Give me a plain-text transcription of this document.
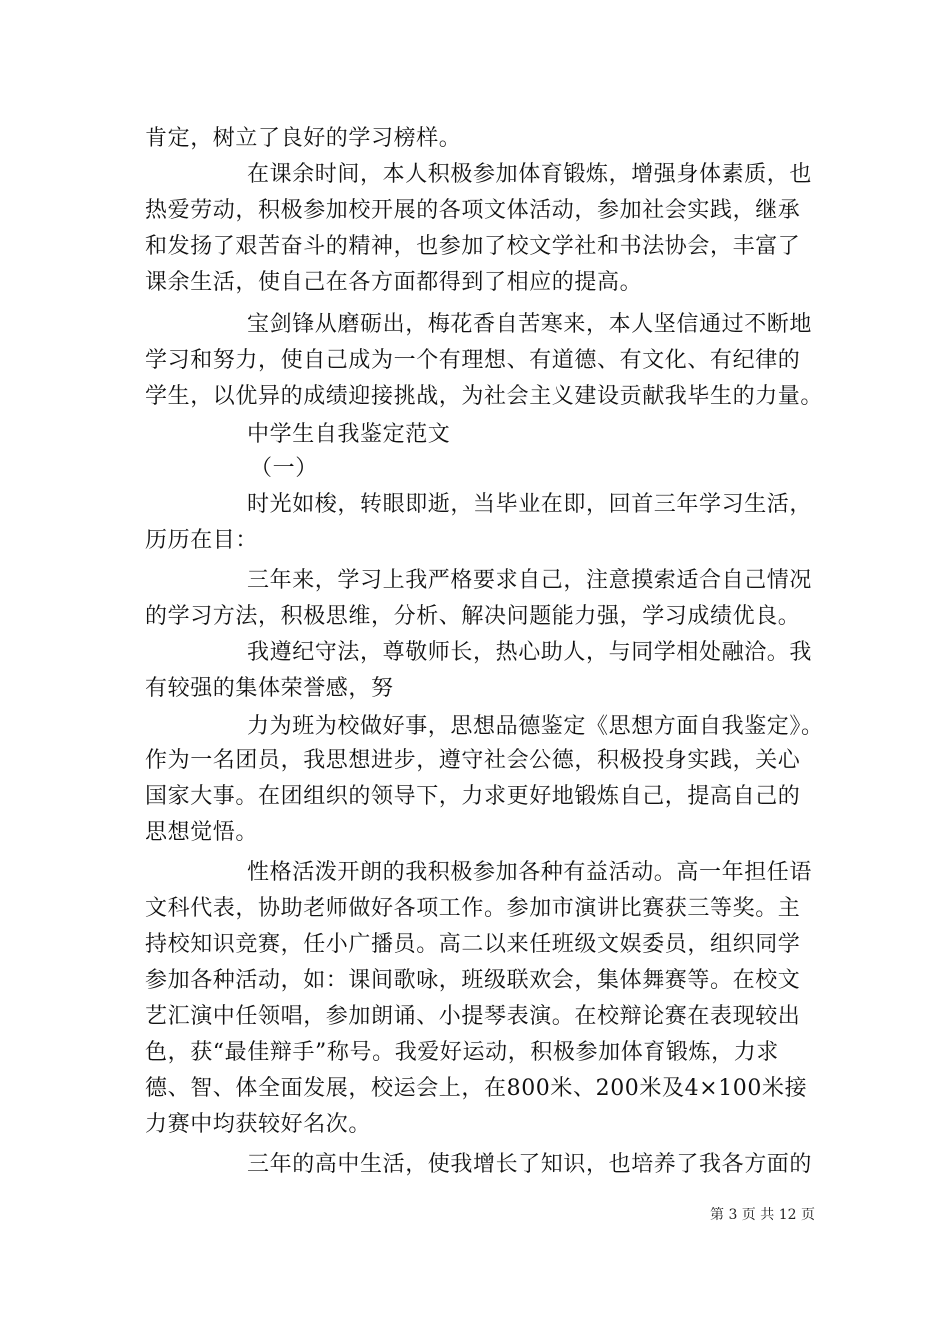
肯定，树立了良好的学习榜样。
在课余时间，本人积极参加体育锻炼，增强身体素质，也
热爱劳动，积极参加校开展的各项文体活动，参加社会实践，继承
和发扬了艰苦奋斗的精神，也参加了校文学社和书法协会，丰富了
课余生活，使自己在各方面都得到了相应的提高。
宝剑锋从磨砺出，梅花香自苦寒来，本人坚信通过不断地
学习和努力，使自己成为一个有理想、有道德、有文化、有纪律的
学生，以优异的成绩迎接挑战，为社会主义建设贡献我毕生的力量。
中学生自我鉴定范文
（一）
时光如梭，转眼即逝，当毕业在即，回首三年学习生活，
历历在目：
三年来，学习上我严格要求自己，注意摸索适合自己情况
的学习方法，积极思维，分析、解决问题能力强，学习成绩优良。
我遵纪守法，尊敬师长，热心助人，与同学相处融洽。我
有较强的集体荣誉感，努
力为班为校做好事，思想品德鉴定《思想方面自我鉴定》。
作为一名团员，我思想进步，遵守社会公德，积极投身实践，关心
国家大事。在团组织的领导下，力求更好地锻炼自己，提高自己的
思想觉悟。
性格活泼开朗的我积极参加各种有益活动。高一年担任语
文科代表，协助老师做好各项工作。参加市演讲比赛获三等奖。主
持校知识竞赛，任小广播员。高二以来任班级文娱委员，组织同学
参加各种活动，如：课间歌咏，班级联欢会，集体舞赛等。在校文
艺汇演中任领唱，参加朗诵、小提琴表演。在校辩论赛在表现较出
色，获“最佳辩手”称号。我爱好运动，积极参加体育锻炼，力求
德、智、体全面发展，校运会上，在800米、200米及4×100米接
力赛中均获较好名次。
三年的高中生活，使我增长了知识，也培养了我各方面的
第 3 页 共 12 页
